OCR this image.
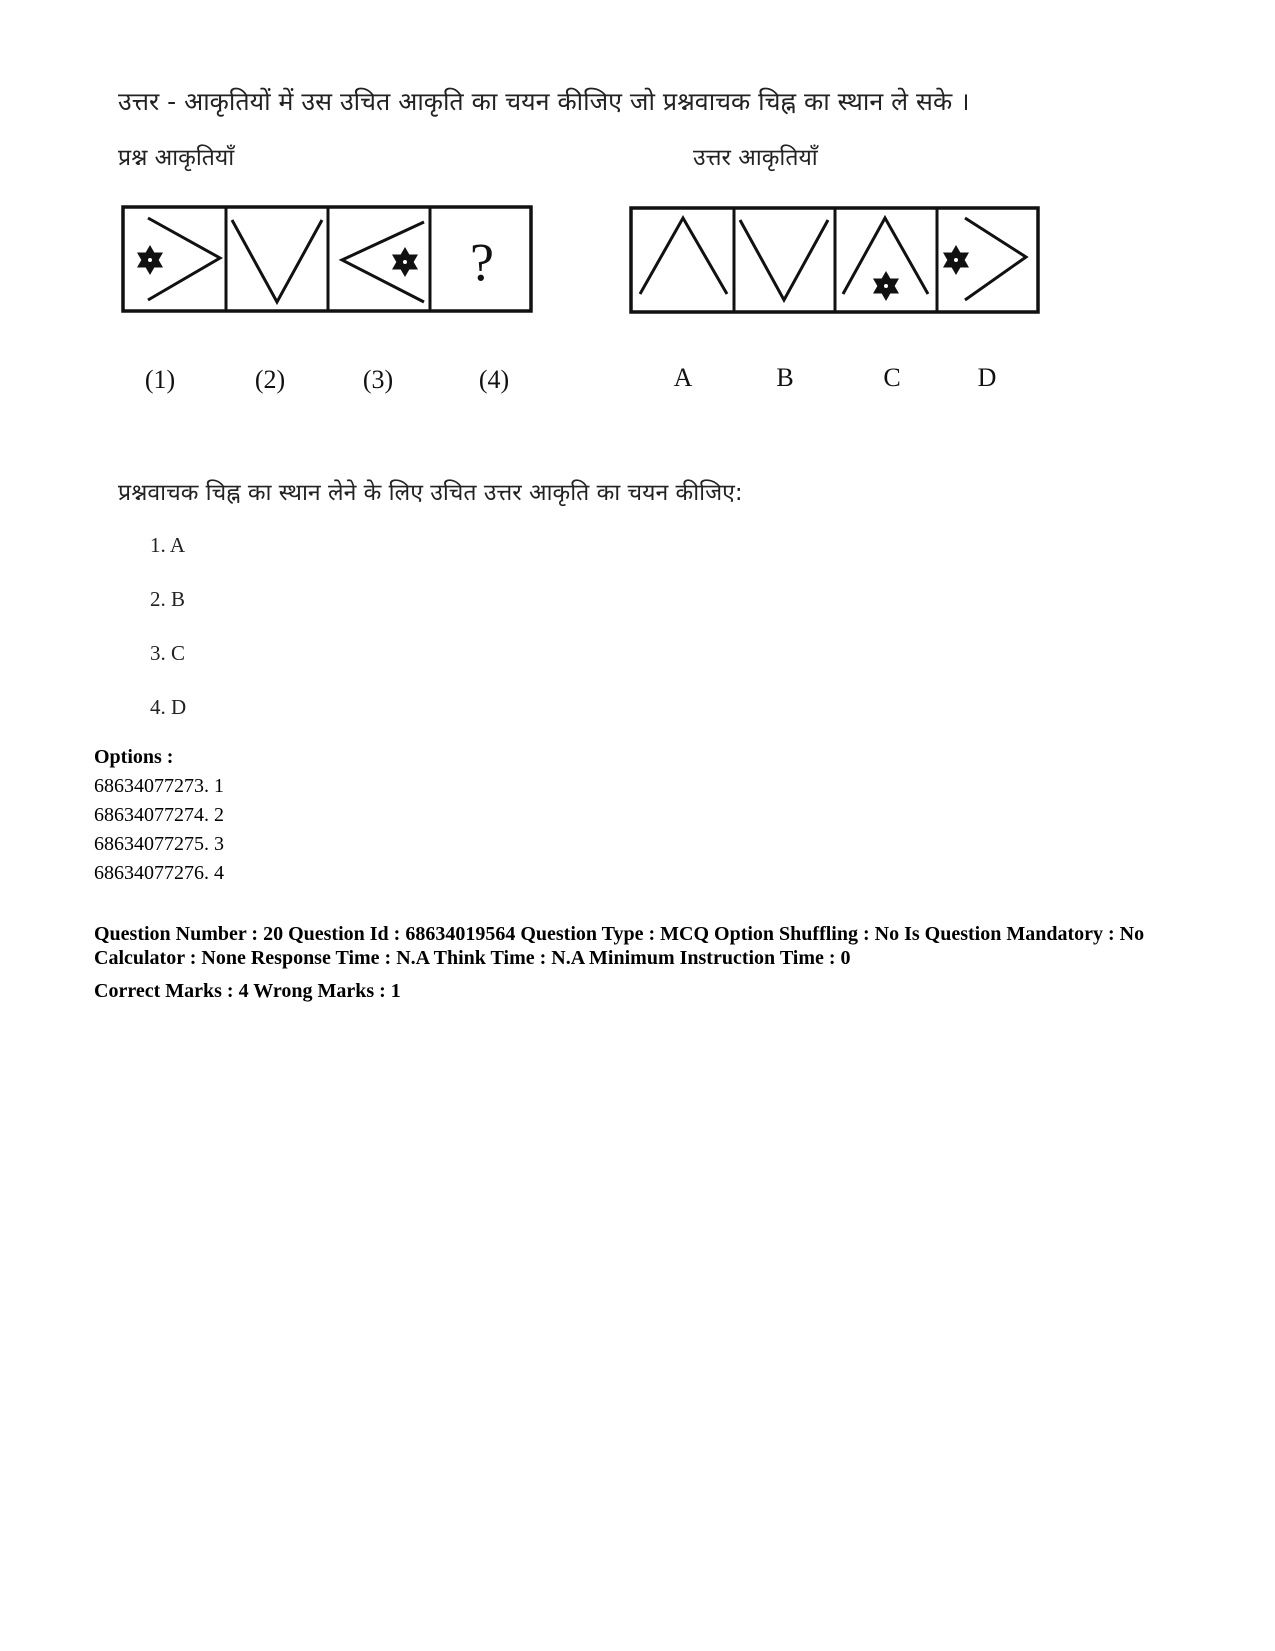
उत्तर - आकृतियों में उस उचित आकृति का चयन कीजिए जो प्रश्नवाचक चिह्न का स्थान ले सके ।
प्रश्न आकृतियाँ	उत्तर आकृतियाँ
?
(1)	(2)	(3)	(4)	A	B	C	D
प्रश्नवाचक चिह्न का स्थान लेने के लिए उचित उत्तर आकृति का चयन कीजिए:
1. A
2. B
3. C
4. D
Options :
68634077273. 1
68634077274. 2
68634077275. 3
68634077276. 4
Question Number : 20 Question Id : 68634019564 Question Type : MCQ Option Shuffling : No Is Question Mandatory : No Calculator : None Response Time : N.A Think Time : N.A Minimum Instruction Time : 0
Correct Marks : 4 Wrong Marks : 1
